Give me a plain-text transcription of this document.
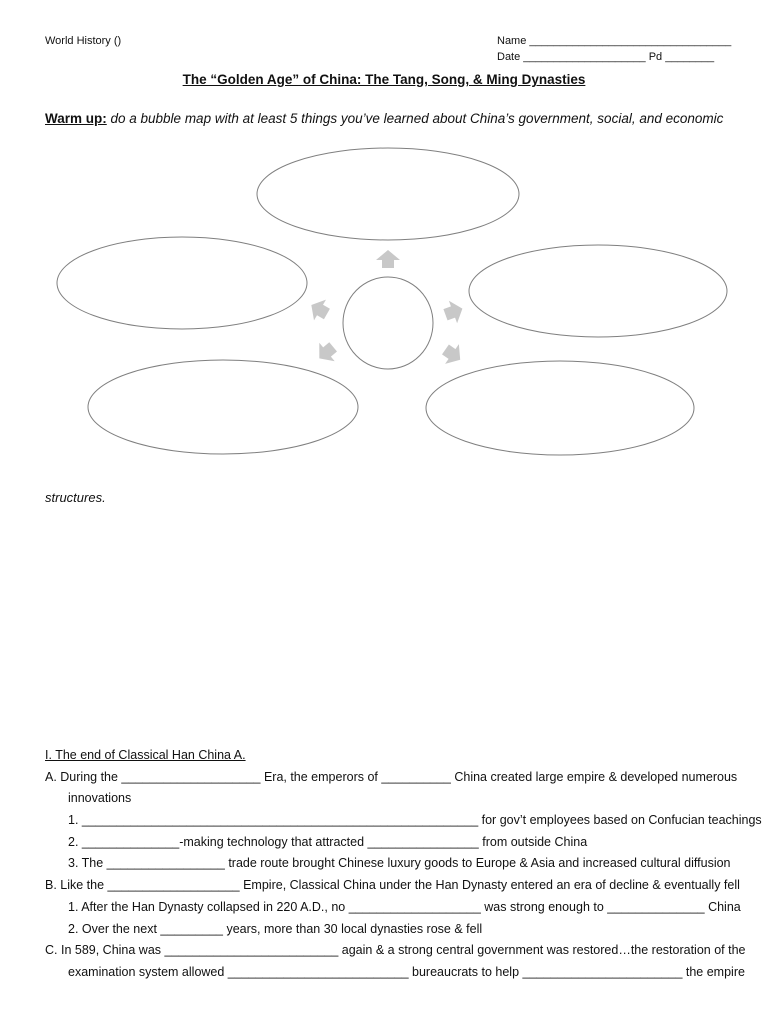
World History ()	Name _________________________________
Date ____________________ Pd ________
The “Golden Age” of China: The Tang, Song, & Ming Dynasties
Warm up: do a bubble map with at least 5 things you’ve learned about China’s government, social, and economic
structures.
I. The end of Classical Han China A.
A. During the ____________________ Era, the emperors of __________ China created large empire & developed numerous
innovations
1. _________________________________________________________ for gov’t employees based on Confucian teachings
2. ______________-making technology that attracted ________________ from outside China
3. The _________________ trade route brought Chinese luxury goods to Europe & Asia and increased cultural diffusion
B. Like the ___________________ Empire, Classical China under the Han Dynasty entered an era of decline & eventually fell
1. After the Han Dynasty collapsed in 220 A.D., no ___________________ was strong enough to ______________ China
2. Over the next _________ years, more than 30 local dynasties rose & fell
C. In 589, China was _________________________ again & a strong central government was restored…the restoration of the
examination system allowed __________________________ bureaucrats to help _______________________ the empire
